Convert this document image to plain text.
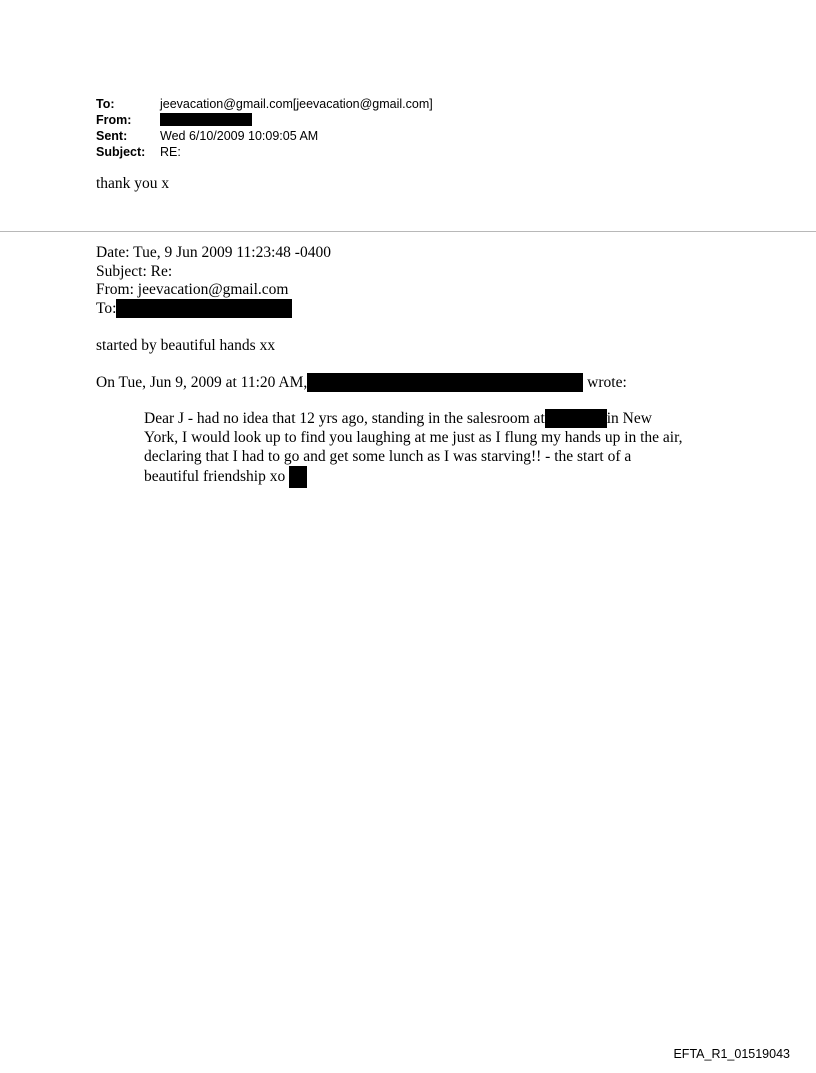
To:	jeevacation@gmail.com[jeevacation@gmail.com]
From:
Sent:	Wed 6/10/2009 10:09:05 AM
Subject:	RE:
thank you x
Date: Tue, 9 Jun 2009 11:23:48 -0400
Subject: Re:
From: jeevacation@gmail.com
To:
started by beautiful hands xx
On Tue, Jun 9, 2009 at 11:20 AM,	wrote:
Dear J - had no idea that 12 yrs ago, standing in the salesroom at	in New York, I would look up to find you laughing at me just as I flung my hands up in the air, declaring that I had to go and get some lunch as I was starving!! - the start of a beautiful friendship xo
EFTA_R1_01519043
